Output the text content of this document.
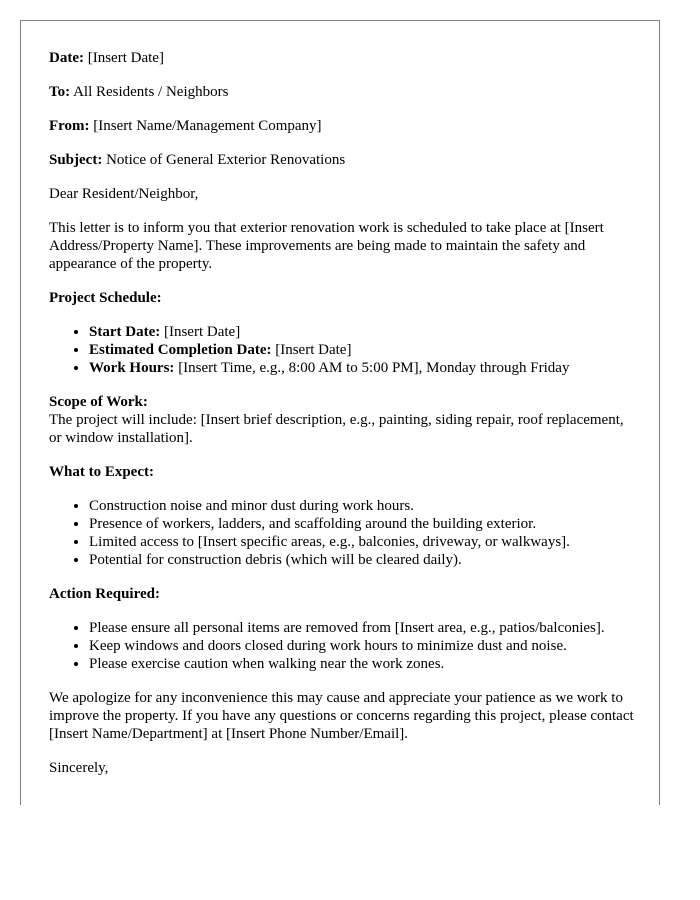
Date: [Insert Date]

To: All Residents / Neighbors

From: [Insert Name/Management Company]

Subject: Notice of General Exterior Renovations

Dear Resident/Neighbor,

This letter is to inform you that exterior renovation work is scheduled to take place at [Insert Address/Property Name]. These improvements are being made to maintain the safety and appearance of the property.

Project Schedule:

• Start Date: [Insert Date]
• Estimated Completion Date: [Insert Date]
• Work Hours: [Insert Time, e.g., 8:00 AM to 5:00 PM], Monday through Friday

Scope of Work:

The project will include: [Insert brief description, e.g., painting, siding repair, roof replacement, or window installation].

What to Expect:

• Construction noise and minor dust during work hours.
• Presence of workers, ladders, and scaffolding around the building exterior.
• Limited access to [Insert specific areas, e.g., balconies, driveway, or walkways].
• Potential for construction debris (which will be cleared daily).

Action Required:

• Please ensure all personal items are removed from [Insert area, e.g., patios/balconies].
• Keep windows and doors closed during work hours to minimize dust and noise.
• Please exercise caution when walking near the work zones.

We apologize for any inconvenience this may cause and appreciate your patience as we work to improve the property. If you have any questions or concerns regarding this project, please contact [Insert Name/Department] at [Insert Phone Number/Email].

Sincerely,
